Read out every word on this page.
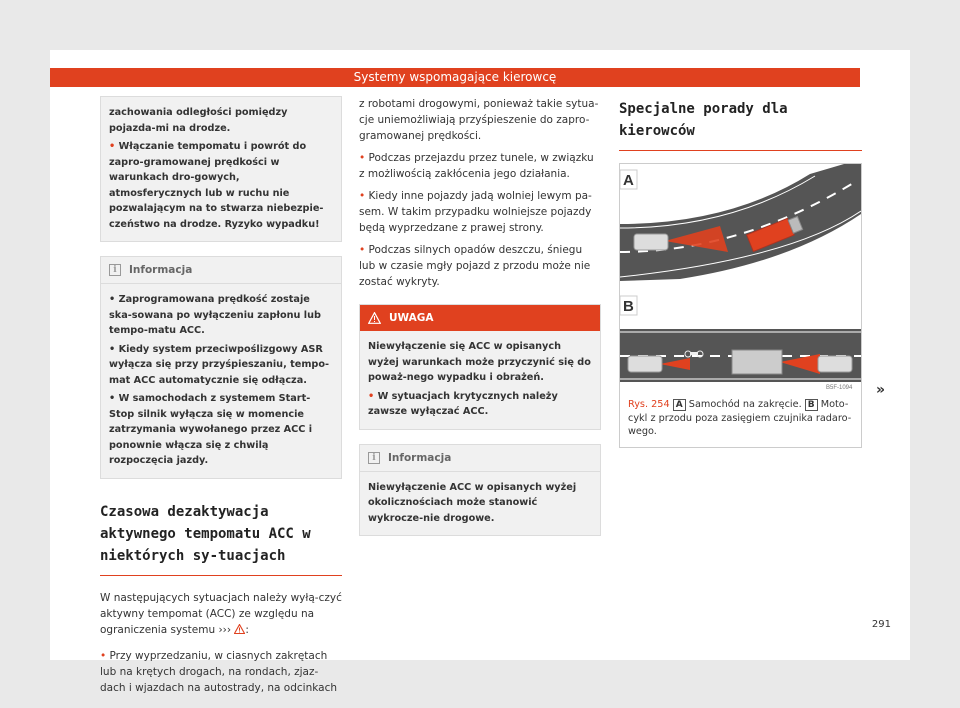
Systemy wspomagające kierowcę
zachowania odległości pomiędzy pojazda-mi na drodze.
• Włączanie tempomatu i powrót do zapro-gramowanej prędkości w warunkach dro-gowych, atmosferycznych lub w ruchu nie pozwalającym na to stwarza niebezpie-czeństwo na drodze. Ryzyko wypadku!
i	Informacja
• Zaprogramowana prędkość zostaje ska-sowana po wyłączeniu zapłonu lub tempo-matu ACC.
• Kiedy system przeciwpoślizgowy ASR wyłącza się przy przyśpieszaniu, tempo-mat ACC automatycznie się odłącza.
• W samochodach z systemem Start-Stop silnik wyłącza się w momencie zatrzymania wywołanego przez ACC i ponownie włącza się z chwilą rozpoczęcia jazdy.
Czasowa dezaktywacja aktywnego tempomatu ACC w niektórych sy-tuacjach
W następujących sytuacjach należy wyłą-czyć aktywny tempomat (ACC) ze względu na ograniczenia systemu ››› :
• Przy wyprzedzaniu, w ciasnych zakrętach lub na krętych drogach, na rondach, zjaz-dach i wjazdach na autostrady, na odcinkach

z robotami drogowymi, ponieważ takie sytua-cje uniemożliwiają przyśpieszenie do zapro-gramowanej prędkości.

• Podczas przejazdu przez tunele, w związku z możliwością zakłócenia jego działania.

• Kiedy inne pojazdy jadą wolniej lewym pa-sem. W takim przypadku wolniejsze pojazdy będą wyprzedzane z prawej strony.

• Podczas silnych opadów deszczu, śniegu lub w czasie mgły pojazd z przodu może nie zostać wykryty.

UWAGA
Niewyłączenie się ACC w opisanych wyżej warunkach może przyczynić się do poważ-nego wypadku i obrażeń.
• W sytuacjach krytycznych należy zawsze wyłączać ACC.
i	Informacja
Niewyłączenie ACC w opisanych wyżej okolicznościach może stanowić wykrocze-nie drogowe.
Specjalne porady dla kierowców
A
B
B5F-1094
Rys. 254 A Samochód na zakręcie. B Moto-cykl z przodu poza zasięgiem czujnika radaro-wego.
»
291
